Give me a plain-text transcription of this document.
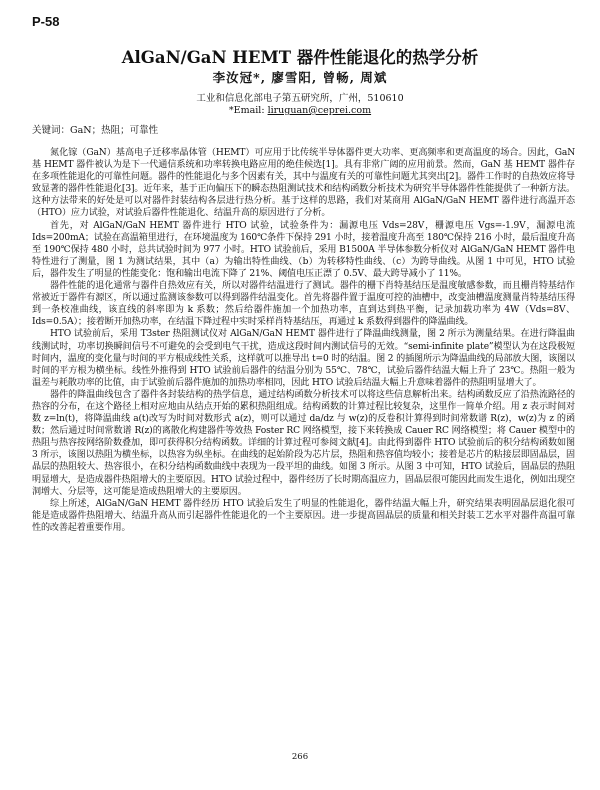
P-58
AlGaN/GaN HEMT 器件性能退化的热学分析
李汝冠*, 廖雪阳, 曾畅, 周斌
工业和信息化部电子第五研究所，广州，510610
*Email: liruguan@ceprei.com
关键词：GaN；热阻；可靠性

氮化镓（GaN）基高电子迁移率晶体管（HEMT）可应用于比传统半导体器件更大功率、更高频率和更高温度的场合。因此，GaN 基 HEMT 器件被认为是下一代通信系统和功率转换电路应用的绝佳候选[1]。具有非常广阔的应用前景。然而，GaN 基 HEMT 器件存在多项性能退化的可靠性问题。器件的性能退化与多个因素有关，其中与温度有关的可靠性问题尤其突出[2]。器件工作时的自热效应将导致显著的器件性能退化[3]。近年来，基于正向偏压下的瞬态热阻测试技术和结构函数分析技术为研究半导体器件性能提供了一种新方法。这种方法带来的好处是可以对器件封装结构各层进行热分析。基于这样的思路，我们对某商用 AlGaN/GaN HEMT 器件进行高温开态（HTO）应力试验，对试验后器件性能退化、结温升高的原因进行了分析。

首先，对 AlGaN/GaN HEMT 器件进行 HTO 试验，试验条件为：漏源电压 Vds=28V，栅源电压 Vgs=-1.9V，漏源电流 Ids=200mA；试验在高温箱里进行，在环境温度为 160℃条件下保持 291 小时，接着温度升高至 180℃保持 216 小时，最后温度升高至 190℃保持 480 小时，总共试验时间为 977 小时。HTO 试验前后，采用 B1500A 半导体参数分析仪对 AlGaN/GaN HEMT 器件电特性进行了测量，图 1 为测试结果，其中（a）为输出特性曲线、（b）为转移特性曲线、（c）为跨导曲线。从图 1 中可见，HTO 试验后，器件发生了明显的性能变化：饱和输出电流下降了 21%、阈值电压正漂了 0.5V、最大跨导减小了 11%。

器件性能的退化通常与器件自热效应有关，所以对器件结温进行了测试。器件的栅下肖特基结压是温度敏感参数，而且栅肖特基结作常被近于器件有源区，所以通过监测该参数可以得到器件结温变化。首先将器件置于温度可控的油槽中，改变油槽温度测量肖特基结压得到一条校准曲线，该直线的斜率即为 k 系数；然后给器件施加一个加热功率，直到达到热平衡，记录加载功率为 4W（Vds=8V、Ids=0.5A）；接着断开加热功率，在结温下降过程中实时采样肖特基结压，再通过 k 系数得到器件的降温曲线。

HTO 试验前后，采用 T3ster 热阻测试仪对 AlGaN/GaN HEMT 器件进行了降温曲线测量，图 2 所示为测量结果。在进行降温曲线测试时，功率切换瞬间信号不可避免的会受到电气干扰，造成这段时间内测试信号的无效。“semi-infinite plate”模型认为在这段极短时间内，温度的变化量与时间的平方根成线性关系，这样就可以推导出 t=0 时的结温。图 2 的插图所示为降温曲线的局部放大图，该图以时间的平方根为横坐标。线性外推得到 HTO 试验前后器件的结温分别为 55℃、78℃，试验后器件结温大幅上升了 23℃。热阻一般为温差与耗散功率的比值，由于试验前后器件施加的加热功率相同，因此 HTO 试验后结温大幅上升意味着器件的热阻明显增大了。

器件的降温曲线包含了器件各封装结构的热学信息，通过结构函数分析技术可以将这些信息解析出来。结构函数反应了沿热流路径的热容的分布，在这个路径上相对应地由从结点开始的累积热阻组成。结构函数的计算过程比较复杂，这里作一简单介绍。用 z 表示时间对数 z=ln(t)，将降温曲线 a(t)改写为时间对数形式 a(z)，则可以通过 da/dz 与 w(z)的反卷积计算得到时间常数谱 R(z)，w(z)为 z 的函数；然后通过时间常数谱 R(z)的离散化构建器件等效热 Foster RC 网络模型，接下来转换成 Cauer RC 网络模型；将 Cauer 模型中的热阻与热容按网络阶数叠加，即可获得积分结构函数。详细的计算过程可参阅文献[4]。由此得到器件 HTO 试验前后的积分结构函数如图 3 所示，该图以热阻为横坐标，以热容为纵坐标。在曲线的起始阶段为芯片层，热阻和热容值均较小；接着是芯片的粘接层即固晶层，固晶层的热阻较大、热容很小，在积分结构函数曲线中表现为一段平坦的曲线。如图 3 所示。从图 3 中可知，HTO 试验后，固晶层的热阻明显增大，是造成器件热阻增大的主要原因。HTO 试验过程中，器件经历了长时期高温应力，固晶层很可能因此而发生退化，例如出现空洞增大、分层等，这可能是造成热阻增大的主要原因。

综上所述，AlGaN/GaN HEMT 器件经历 HTO 试验后发生了明显的性能退化，器件结温大幅上升，研究结果表明固晶层退化很可能是造成器件热阻增大、结温升高从而引起器件性能退化的一个主要原因。进一步提高固晶层的质量和相关封装工艺水平对器件高温可靠性的改善起着重要作用。

266
